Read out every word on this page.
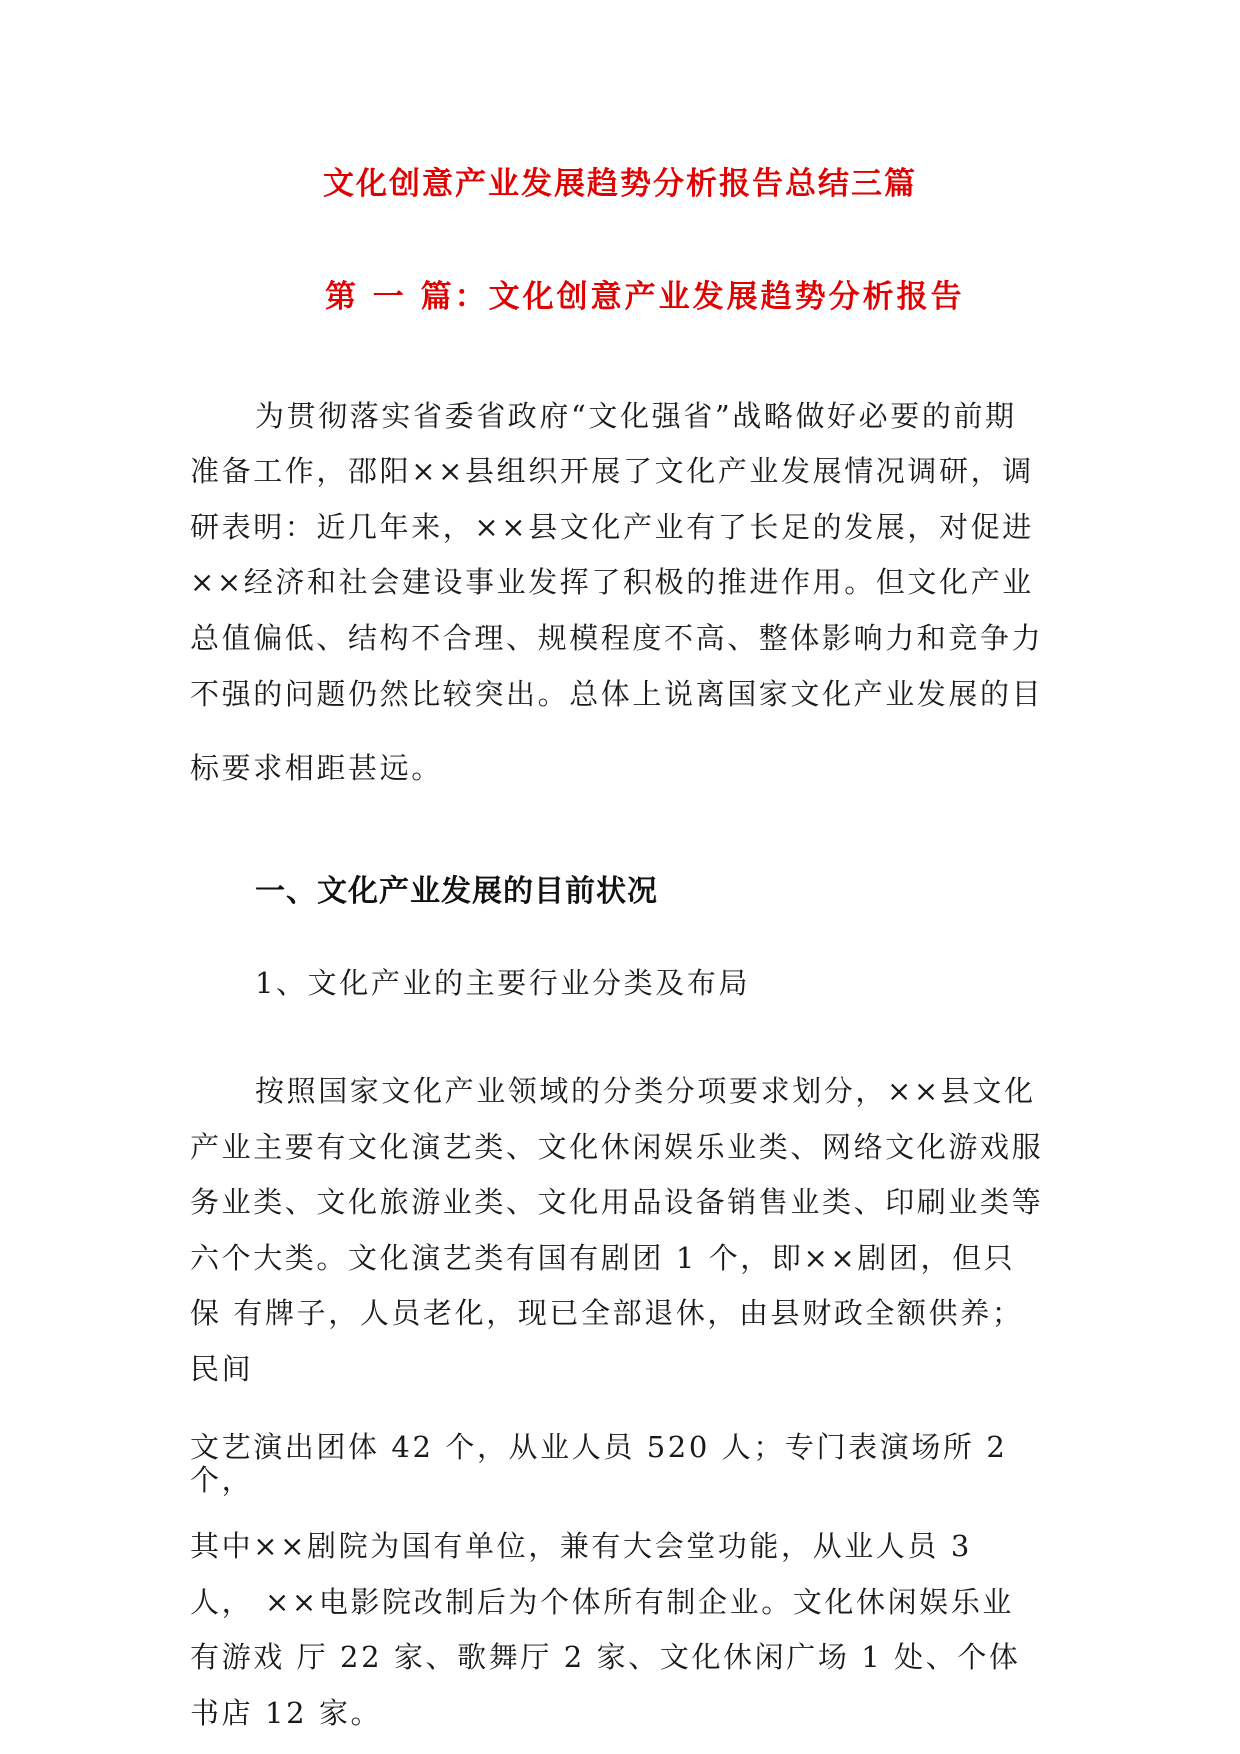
文化创意产业发展趋势分析报告总结三篇
第 一 篇：文化创意产业发展趋势分析报告
为贯彻落实省委省政府“文化强省”战略做好必要的前期
准备工作，邵阳××县组织开展了文化产业发展情况调研，调
研表明：近几年来，××县文化产业有了长足的发展，对促进
××经济和社会建设事业发挥了积极的推进作用。但文化产业
总值偏低、结构不合理、规模程度不高、整体影响力和竞争力
不强的问题仍然比较突出。总体上说离国家文化产业发展的目
标要求相距甚远。
一、文化产业发展的目前状况
1、文化产业的主要行业分类及布局
按照国家文化产业领域的分类分项要求划分，××县文化
产业主要有文化演艺类、文化休闲娱乐业类、网络文化游戏服
务业类、文化旅游业类、文化用品设备销售业类、印刷业类等
六个大类。文化演艺类有国有剧团 1 个，即××剧团，但只
保 有牌子，人员老化，现已全部退休，由县财政全额供养；
民间
文艺演出团体 42 个，从业人员 520 人；专门表演场所 2
个，
其中××剧院为国有单位，兼有大会堂功能，从业人员 3
人， ××电影院改制后为个体所有制企业。文化休闲娱乐业
有游戏 厅 22 家、歌舞厅 2 家、文化休闲广场 1 处、个体
书店 12 家。
